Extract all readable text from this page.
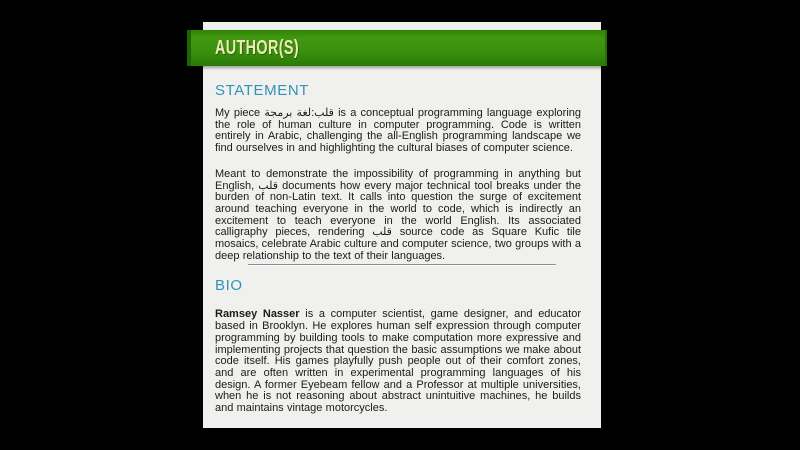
AUTHOR(S)
STATEMENT

My piece قلب:لغة برمجة is a conceptual programming language exploring the role of human culture in computer programming. Code is written entirely in Arabic, challenging the all-English programming landscape we find ourselves in and highlighting the cultural biases of computer science.

Meant to demonstrate the impossibility of programming in anything but English, قلب documents how every major technical tool breaks under the burden of non-Latin text. It calls into question the surge of excitement around teaching everyone in the world to code, which is indirectly an excitement to teach everyone in the world English. Its associated calligraphy pieces, rendering قلب source code as Square Kufic tile mosaics, celebrate Arabic culture and computer science, two groups with a deep relationship to the text of their languages.

BIO

Ramsey Nasser is a computer scientist, game designer, and educator based in Brooklyn. He explores human self expression through computer programming by building tools to make computation more expressive and implementing projects that question the basic assumptions we make about code itself. His games playfully push people out of their comfort zones, and are often written in experimental programming languages of his design. A former Eyebeam fellow and a Professor at multiple universities, when he is not reasoning about abstract unintuitive machines, he builds and maintains vintage motorcycles.
